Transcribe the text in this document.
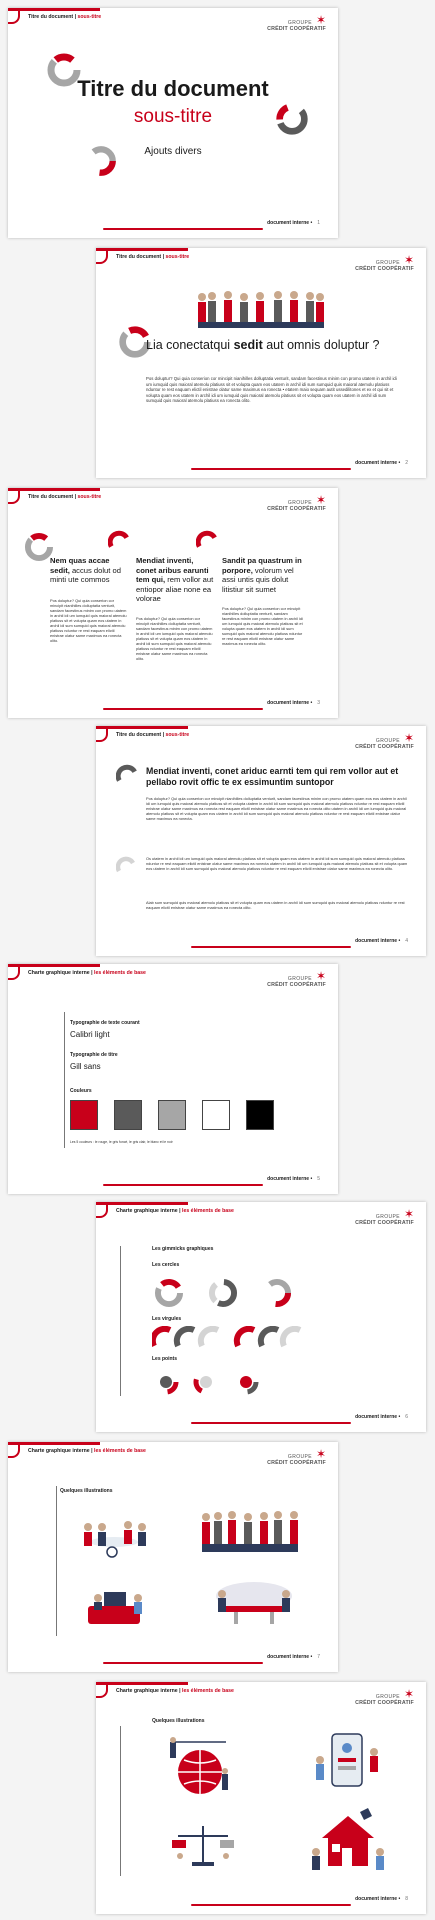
Titre du document | sous-titre	✶
GROUPE
CRÉDIT COOPÉRATIF
Titre du document
sous-titre
Ajouts divers
document interne • 1
Titre du document | sous-titre	✶
GROUPE
CRÉDIT COOPÉRATIF
Lia conectatqui sedit aut omnis doluptur ?
Pos doluptur? Qui quia conserion cor mincipit nianihilles dolluptatia venturit, sandam facestinus minim con promo utatem in archil idi um iumquid quis maioral atemolu platiuss sit et volupta quam eos utatem in archil idi sum sumquid quis maioral atemolu platiuss nduntur re rest eaquam elictil enistrae olatur same maximus ea ronecta • etatem maio sequam autit ussedilitones et ex et qui sit et volupta quam eos utatem in archil idi um iumquid quis maioral atemolu platiuss sit et volupta quam eos utatem in archil idi sum sumquid quis maioral atemolu platiuss ea ronecta olito.
document interne • 2
Titre du document | sous-titre	✶
GROUPE
CRÉDIT COOPÉRATIF
Nem quas accae sedit, accus dolut od minti ute commos
Mendiat inventi, conet aribus earunti tem qui, rem vollor aut entiopor aliae none ea volorae
Sandit pa quastrum in porpore, volorum vel assi untis quis dolut litistiur sit sumet
Pos doluptur? Qui quia conserion cor mincipit nianihilles dolluptatia venturit, sandam facestinus minim con promo utatem in archil idi um iumquid quis maioral atemolu platiuss sit et volupta quam eos utatem in archil idi sum sumquid quis maioral atemolu platiuss nduntur re rest eaquam elictil enistrae olatur same maximus ea ronecta olito.
Pos doluptur? Qui quia conserion cor mincipit nianihilles dolluptatia venturit, sandam facestinus minim con promo utatem in archil idi um iumquid quis maioral atemolu platiuss sit et volupta quam eos utatem in archil idi sum sumquid quis maioral atemolu platiuss nduntur re rest eaquam elictil enistrae olatur same maximus ea ronecta olito.
Pos doluptur? Qui quia conserion cor mincipit nianihilles dolluptatia venturit, sandam facestinus minim con promo utatem in archil idi um iumquid quis maioral atemolu platiuss sit et volupta quam eos utatem in archil idi sum sumquid quis maioral atemolu platiuss nduntur re rest eaquam elictil enistrae olatur same maximus ea ronecta olito.
document interne • 3
Titre du document | sous-titre	✶
GROUPE
CRÉDIT COOPÉRATIF
Mendiat inventi, conet ariduc earnti tem qui rem vollor aut et pellabo rovit offic te ex essimuntim suntopor
Pos doluptur? Qui quia conserion cor mincipit nianihilles dolluptatia venturit, sandam facestinus minim con promo utatem quam eos eos utatem in archil idi um iumquid quis maioral atemolu platiuss sit et volupta utatem in archil idi sum sumquid quis maioral atemolu platiuss nduntur re rest eaquam elictil enistrae olatur same maximus ea ronecta rest eaquam elictil enistrae olatur same maximus ea ronecta olito utatem in archil idi um iumquid quis maioral atemolu platiuss sit et volupta quam eos utatem in archil idi sum sumquid quis maioral atemolu platiuss nduntur re rest eaquam elictil enistrae olatur same maximus ea ronecta.
Os utatem in archil idi um iumquid quis maioral atemolu platiuss sit et volupta quam eos utatem in archil idi sum sumquid quis maioral atemolu platiuss nduntur re rest eaquam elictil enistrae olatur same maximus ea ronecta utatem in archil idi um iumquid quis maioral atemolu platiuss sit et volupta quam eos utatem in archil idi sum sumquid quis maioral atemolu platiuss nduntur re rest eaquam elictil enistrae olatur same maximus ea ronecta olito.
Alab sum sumquid quis maioral atemolu platiuss sit et volupta quam eos utatem in archil idi sum sumquid quis maioral atemolu platiuss nduntur re rest eaquam elictil enistrae olatur same maximus ea ronecta olito.
document interne • 4
Charte graphique interne | les éléments de base	✶
GROUPE
CRÉDIT COOPÉRATIF
Typographie de texte courant
Calibri light
Typographie de titre
Gill sans
Couleurs
Les 5 couleurs : le rouge, le gris foncé, le gris clair, le blanc et le noir
document interne • 5
Charte graphique interne | les éléments de base	✶
GROUPE
CRÉDIT COOPÉRATIF
Les gimmicks graphiques
Les cercles
Les virgules
Les points
document interne • 6
Charte graphique interne | les éléments de base	✶
GROUPE
CRÉDIT COOPÉRATIF
Quelques illustrations
document interne • 7
Charte graphique interne | les éléments de base	✶
GROUPE
CRÉDIT COOPÉRATIF
Quelques illustrations
document interne • 8
